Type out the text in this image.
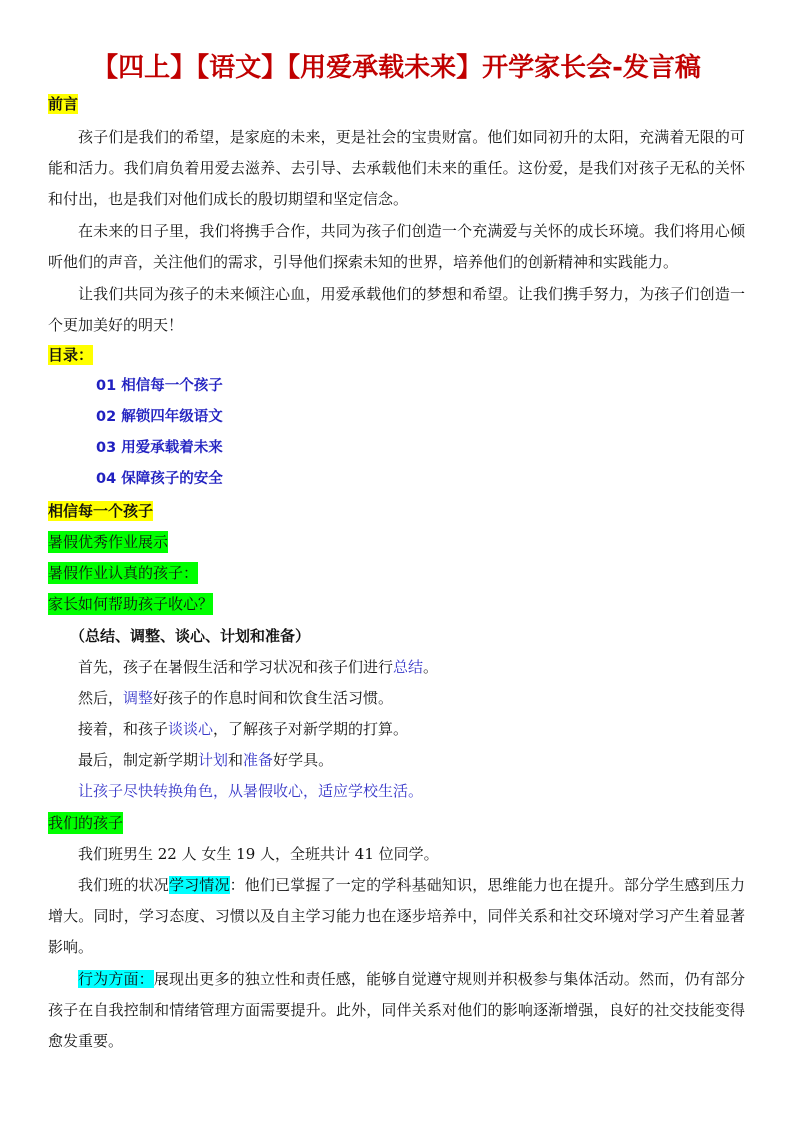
【四上】【语文】【用爱承载未来】开学家长会-发言稿
前言
孩子们是我们的希望，是家庭的未来，更是社会的宝贵财富。他们如同初升的太阳，充满着无限的可能和活力。我们肩负着用爱去滋养、去引导、去承载他们未来的重任。这份爱，是我们对孩子无私的关怀和付出，也是我们对他们成长的殷切期望和坚定信念。
在未来的日子里，我们将携手合作，共同为孩子们创造一个充满爱与关怀的成长环境。我们将用心倾听他们的声音，关注他们的需求，引导他们探索未知的世界，培养他们的创新精神和实践能力。
让我们共同为孩子的未来倾注心血，用爱承载他们的梦想和希望。让我们携手努力，为孩子们创造一个更加美好的明天！
目录：
01 相信每一个孩子
02 解锁四年级语文
03 用爱承载着未来
04 保障孩子的安全
相信每一个孩子
暑假优秀作业展示
暑假作业认真的孩子：
家长如何帮助孩子收心？
（总结、调整、谈心、计划和准备）
首先，孩子在暑假生活和学习状况和孩子们进行总结。
然后，调整好孩子的作息时间和饮食生活习惯。
接着，和孩子谈谈心，了解孩子对新学期的打算。
最后，制定新学期计划和准备好学具。
让孩子尽快转换角色，从暑假收心，适应学校生活。
我们的孩子
我们班男生 22 人 女生 19 人，全班共计 41 位同学。
我们班的状况学习情况：他们已掌握了一定的学科基础知识，思维能力也在提升。部分学生感到压力增大。同时，学习态度、习惯以及自主学习能力也在逐步培养中，同伴关系和社交环境对学习产生着显著影响。
行为方面：展现出更多的独立性和责任感，能够自觉遵守规则并积极参与集体活动。然而，仍有部分孩子在自我控制和情绪管理方面需要提升。此外，同伴关系对他们的影响逐渐增强，良好的社交技能变得愈发重要。
